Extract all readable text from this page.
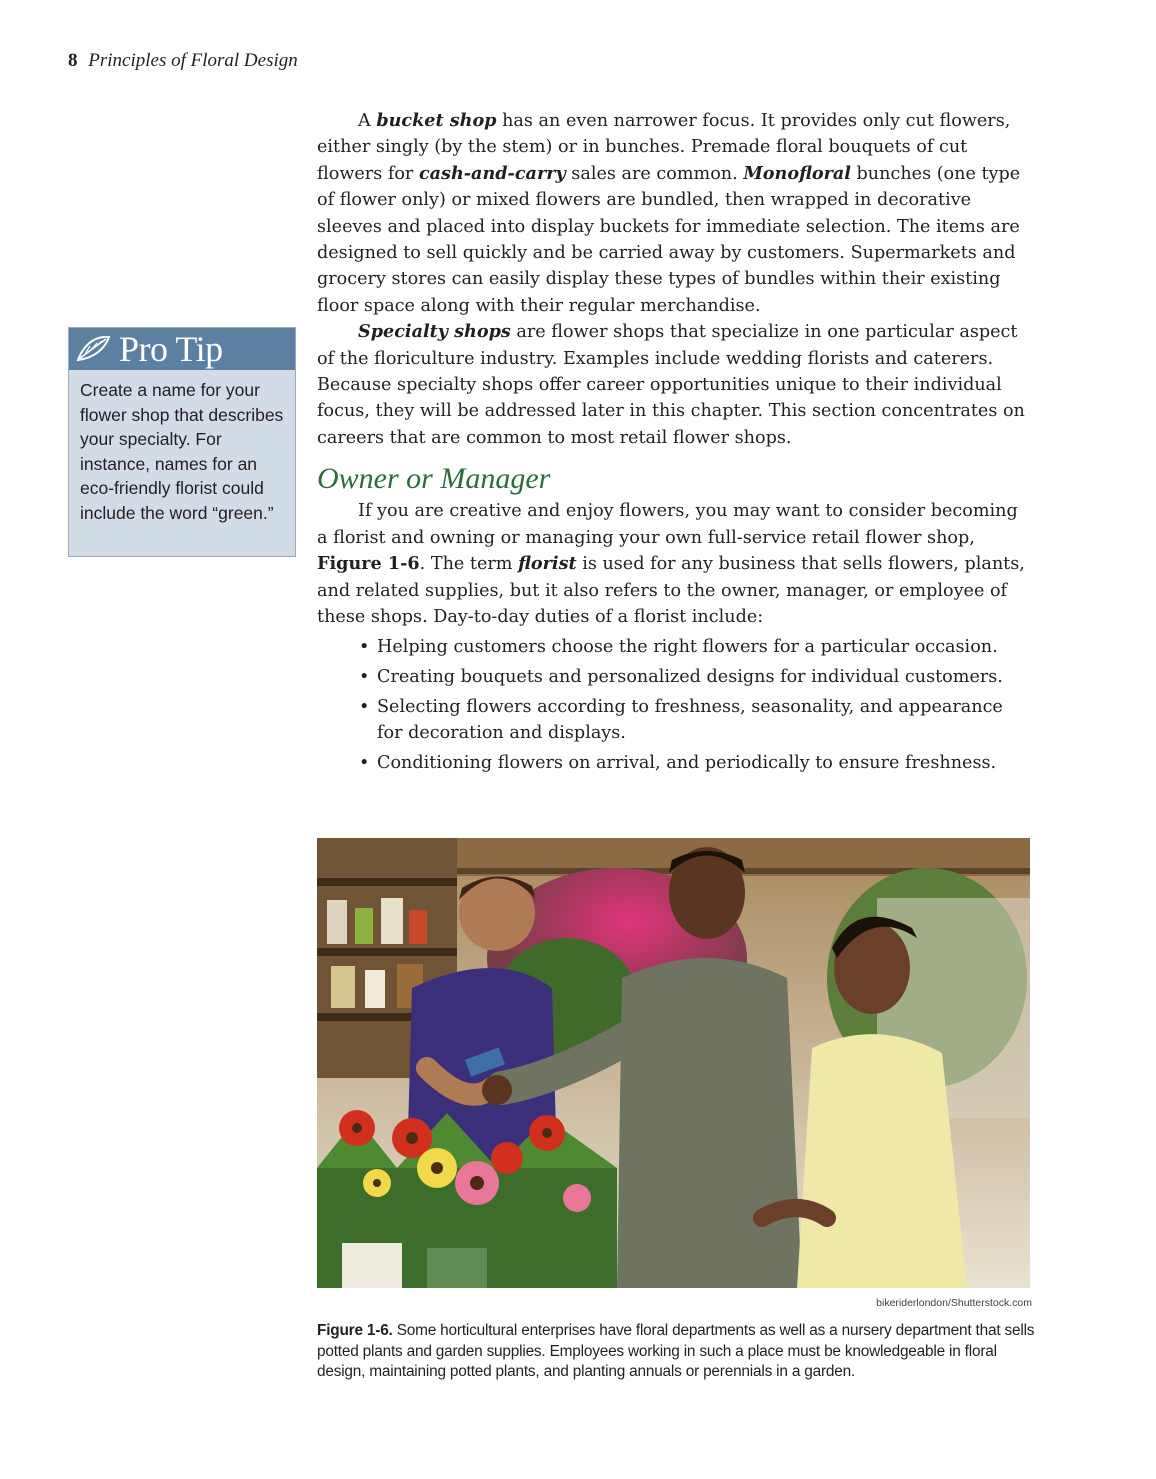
8 Principles of Floral Design
Pro Tip
Create a name for your flower shop that describes your specialty. For instance, names for an eco-friendly florist could include the word “green.”

A bucket shop has an even narrower focus. It provides only cut flowers, either singly (by the stem) or in bunches. Premade floral bouquets of cut flowers for cash-and-carry sales are common. Monofloral bunches (one type of flower only) or mixed flowers are bundled, then wrapped in decorative sleeves and placed into display buckets for immediate selection. The items are designed to sell quickly and be carried away by customers. Supermarkets and grocery stores can easily display these types of bundles within their existing floor space along with their regular merchandise.

Specialty shops are flower shops that specialize in one particular aspect of the floriculture industry. Examples include wedding florists and caterers. Because specialty shops offer career opportunities unique to their individual focus, they will be addressed later in this chapter. This section concentrates on careers that are common to most retail flower shops.

Owner or Manager

If you are creative and enjoy flowers, you may want to consider becoming a florist and owning or managing your own full-service retail flower shop, Figure 1-6. The term florist is used for any business that sells flowers, plants, and related supplies, but it also refers to the owner, manager, or employee of these shops. Day-to-day duties of a florist include:

• Helping customers choose the right flowers for a particular occasion.
• Creating bouquets and personalized designs for individual customers.
• Selecting flowers according to freshness, seasonality, and appearance for decoration and displays.
• Conditioning flowers on arrival, and periodically to ensure freshness.
bikeriderlondon/Shutterstock.com
Figure 1-6. Some horticultural enterprises have floral departments as well as a nursery department that sells potted plants and garden supplies. Employees working in such a place must be knowledgeable in floral design, maintaining potted plants, and planting annuals or perennials in a garden.
